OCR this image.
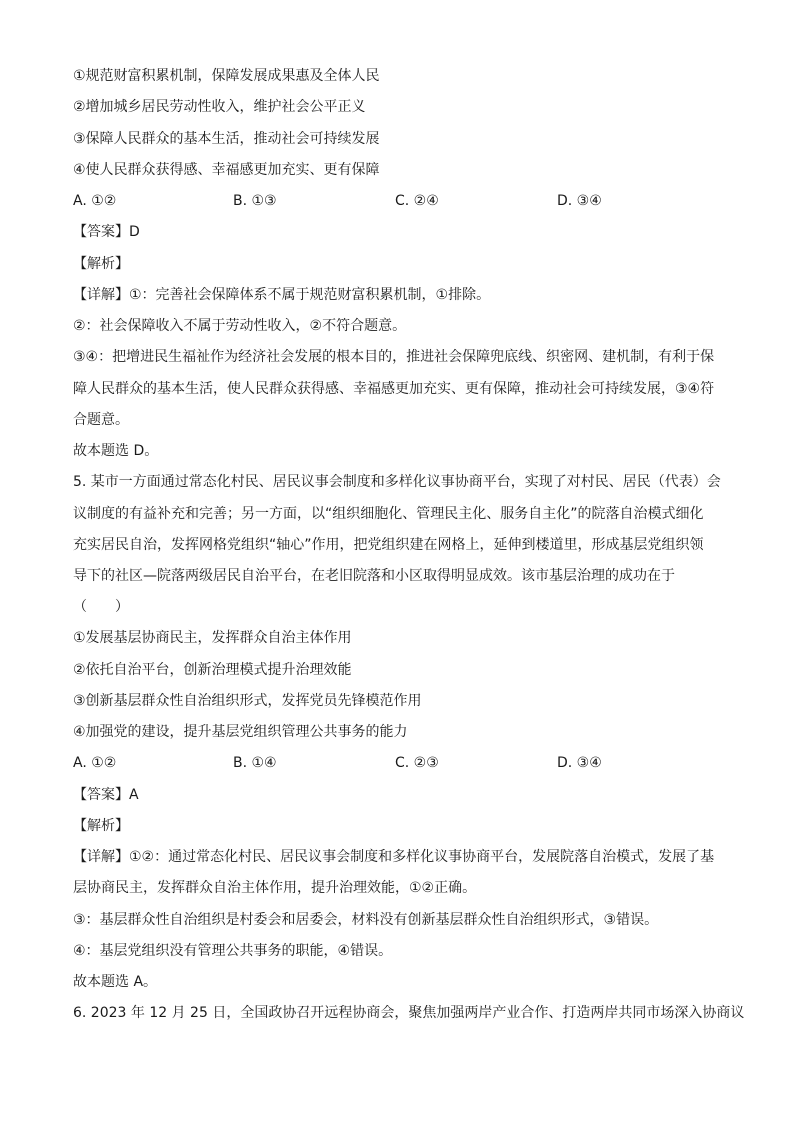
①规范财富积累机制，保障发展成果惠及全体人民
②增加城乡居民劳动性收入，维护社会公平正义
③保障人民群众的基本生活，推动社会可持续发展
④使人民群众获得感、幸福感更加充实、更有保障
A. ①②	B. ①③	C. ②④	D. ③④
【答案】D
【解析】
【详解】①：完善社会保障体系不属于规范财富积累机制，①排除。
②：社会保障收入不属于劳动性收入，②不符合题意。
③④：把增进民生福祉作为经济社会发展的根本目的，推进社会保障兜底线、织密网、建机制，有利于保
障人民群众的基本生活，使人民群众获得感、幸福感更加充实、更有保障，推动社会可持续发展，③④符
合题意。
故本题选 D。
5. 某市一方面通过常态化村民、居民议事会制度和多样化议事协商平台，实现了对村民、居民（代表）会
议制度的有益补充和完善；另一方面，以“组织细胞化、管理民主化、服务自主化”的院落自治模式细化
充实居民自治，发挥网格党组织“轴心”作用，把党组织建在网格上，延伸到楼道里，形成基层党组织领
导下的社区—院落两级居民自治平台，在老旧院落和小区取得明显成效。该市基层治理的成功在于
（　　）
①发展基层协商民主，发挥群众自治主体作用
②依托自治平台，创新治理模式提升治理效能
③创新基层群众性自治组织形式，发挥党员先锋模范作用
④加强党的建设，提升基层党组织管理公共事务的能力
A. ①②	B. ①④	C. ②③	D. ③④
【答案】A
【解析】
【详解】①②：通过常态化村民、居民议事会制度和多样化议事协商平台，发展院落自治模式，发展了基
层协商民主，发挥群众自治主体作用，提升治理效能，①②正确。
③：基层群众性自治组织是村委会和居委会，材料没有创新基层群众性自治组织形式，③错误。
④：基层党组织没有管理公共事务的职能，④错误。
故本题选 A。
6. 2023 年 12 月 25 日，全国政协召开远程协商会，聚焦加强两岸产业合作、打造两岸共同市场深入协商议
